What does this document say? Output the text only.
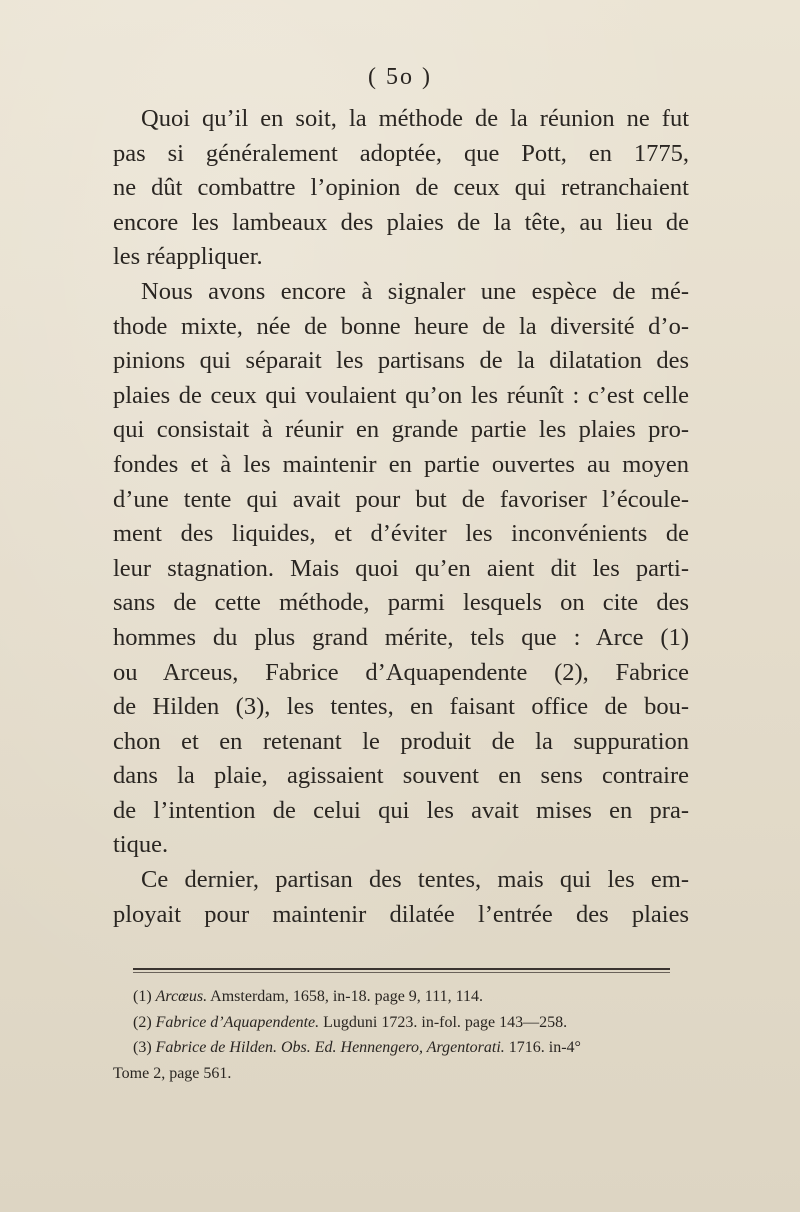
( 5o )
Quoi qu’il en soit, la méthode de la réunion ne fut
pas si généralement adoptée, que Pott, en 1775,
ne dût combattre l’opinion de ceux qui retranchaient
encore les lambeaux des plaies de la tête, au lieu de
les réappliquer.
Nous avons encore à signaler une espèce de mé-
thode mixte, née de bonne heure de la diversité d’o-
pinions qui séparait les partisans de la dilatation des
plaies de ceux qui voulaient qu’on les réunît : c’est celle
qui consistait à réunir en grande partie les plaies pro-
fondes et à les maintenir en partie ouvertes au moyen
d’une tente qui avait pour but de favoriser l’écoule-
ment des liquides, et d’éviter les inconvénients de
leur stagnation. Mais quoi qu’en aient dit les parti-
sans de cette méthode, parmi lesquels on cite des
hommes du plus grand mérite, tels que : Arce (1)
ou Arceus, Fabrice d’Aquapendente (2), Fabrice
de Hilden (3), les tentes, en faisant office de bou-
chon et en retenant le produit de la suppuration
dans la plaie, agissaient souvent en sens contraire
de l’intention de celui qui les avait mises en pra-
tique.
Ce dernier, partisan des tentes, mais qui les em-
ployait pour maintenir dilatée l’entrée des plaies
(1) Arcœus. Amsterdam, 1658, in-18. page 9, 111, 114.
(2) Fabrice d’Aquapendente. Lugduni 1723. in-fol. page 143—258.
(3) Fabrice de Hilden. Obs. Ed. Hennengero, Argentorati. 1716. in-4°
Tome 2, page 561.
